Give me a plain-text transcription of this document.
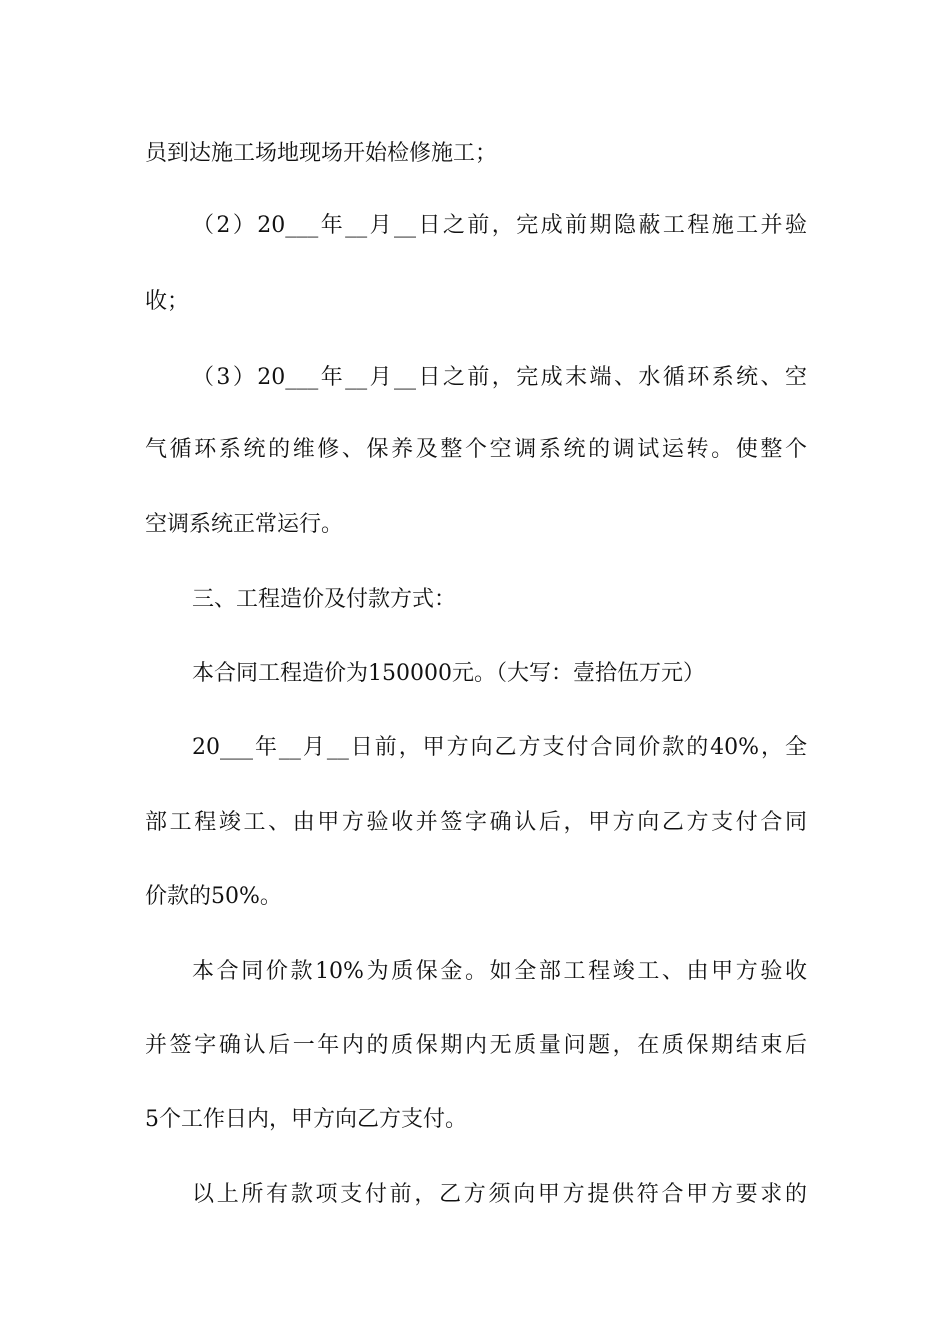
员到达施工场地现场开始检修施工；
（2）20___年__月__日之前，完成前期隐蔽工程施工并验
收；
（3）20___年__月__日之前，完成末端、水循环系统、空
气循环系统的维修、保养及整个空调系统的调试运转。使整个
空调系统正常运行。
三、工程造价及付款方式：
本合同工程造价为150000元。（大写：壹拾伍万元）
20___年__月__日前，甲方向乙方支付合同价款的40%，全
部工程竣工、由甲方验收并签字确认后，甲方向乙方支付合同
价款的50%。
本合同价款10%为质保金。如全部工程竣工、由甲方验收
并签字确认后一年内的质保期内无质量问题，在质保期结束后
5个工作日内，甲方向乙方支付。
以上所有款项支付前，乙方须向甲方提供符合甲方要求的
